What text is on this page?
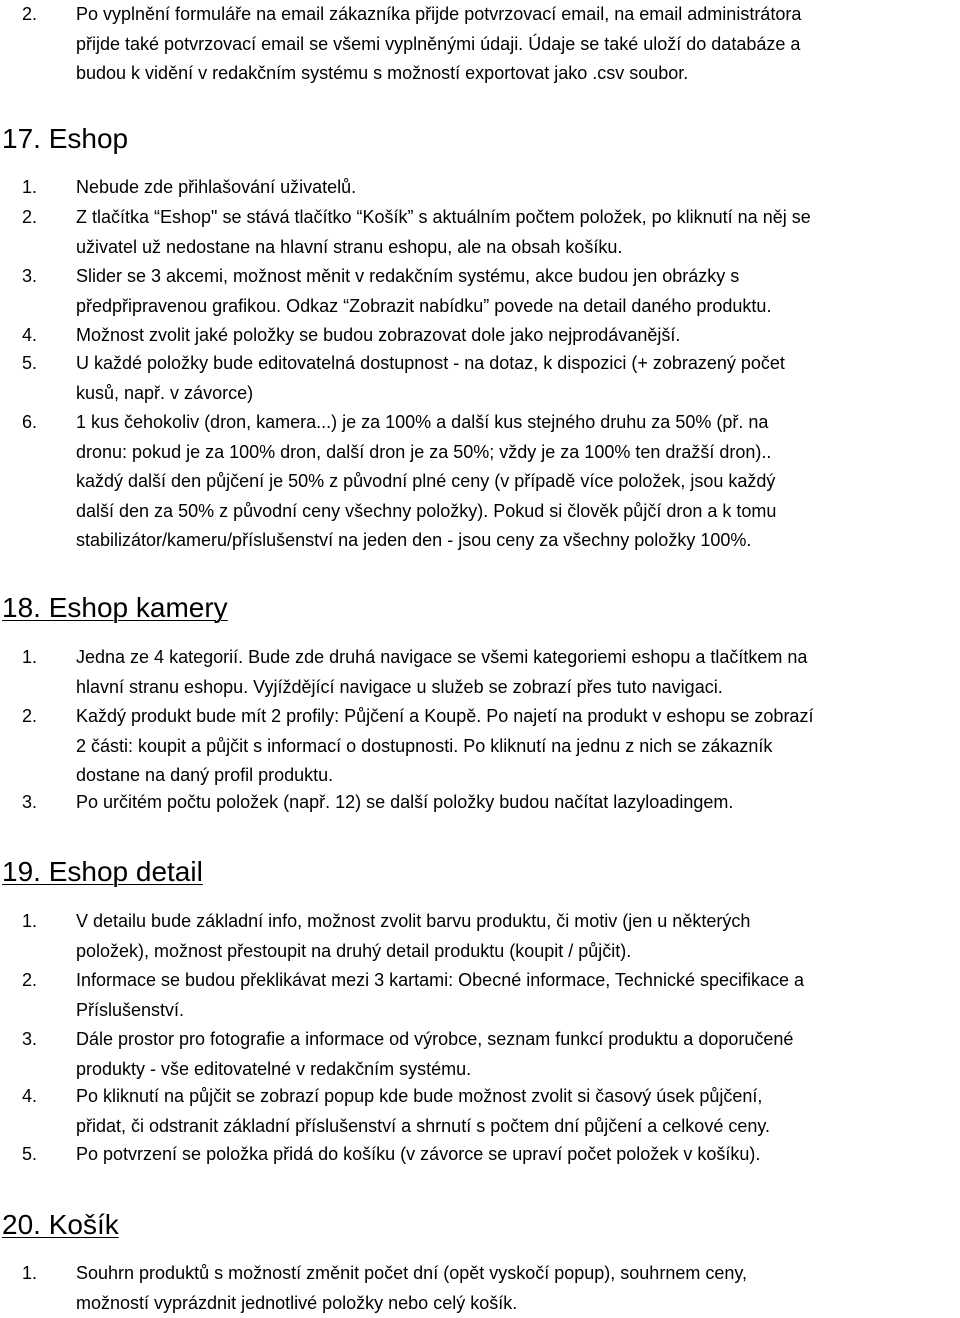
2. Po vyplnění formuláře na email zákazníka přijde potvrzovací email, na email administrátora
přijde také potvrzovací email se všemi vyplněnými údaji. Údaje se také uloží do databáze a
budou k vidění v redakčním systému s možností exportovat jako .csv soubor.
17. Eshop
1. Nebude zde přihlašování uživatelů.
2. Z tlačítka “Eshop" se stává tlačítko “Košík” s aktuálním počtem položek, po kliknutí na něj se
uživatel už nedostane na hlavní stranu eshopu, ale na obsah košíku.
3. Slider se 3 akcemi, možnost měnit v redakčním systému, akce budou jen obrázky s
předpřipravenou grafikou. Odkaz “Zobrazit nabídku” povede na detail daného produktu.
4. Možnost zvolit jaké položky se budou zobrazovat dole jako nejprodávanější.
5. U každé položky bude editovatelná dostupnost - na dotaz, k dispozici (+ zobrazený počet
kusů, např. v závorce)
6. 1 kus čehokoliv (dron, kamera...) je za 100% a další kus stejného druhu za 50% (př. na
dronu: pokud je za 100% dron, další dron je za 50%; vždy je za 100% ten dražší dron)..
každý další den půjčení je 50% z původní plné ceny (v případě více položek, jsou každý
další den za 50% z původní ceny všechny položky). Pokud si člověk půjčí dron a k tomu
stabilizátor/kameru/příslušenství na jeden den - jsou ceny za všechny položky 100%.
18. Eshop kamery
1. Jedna ze 4 kategorií. Bude zde druhá navigace se všemi kategoriemi eshopu a tlačítkem na
hlavní stranu eshopu. Vyjíždějící navigace u služeb se zobrazí přes tuto navigaci.
2. Každý produkt bude mít 2 profily: Půjčení a Koupě. Po najetí na produkt v eshopu se zobrazí
2 části: koupit a půjčit s informací o dostupnosti. Po kliknutí na jednu z nich se zákazník
dostane na daný profil produktu.
3. Po určitém počtu položek (např. 12) se další položky budou načítat lazyloadingem.
19. Eshop detail
1. V detailu bude základní info, možnost zvolit barvu produktu, či motiv (jen u některých
položek), možnost přestoupit na druhý detail produktu (koupit / půjčit).
2. Informace se budou překlikávat mezi 3 kartami: Obecné informace, Technické specifikace a
Příslušenství.
3. Dále prostor pro fotografie a informace od výrobce, seznam funkcí produktu a doporučené
produkty - vše editovatelné v redakčním systému.
4. Po kliknutí na půjčit se zobrazí popup kde bude možnost zvolit si časový úsek půjčení,
přidat, či odstranit základní příslušenství a shrnutí s počtem dní půjčení a celkové ceny.
5. Po potvrzení se položka přidá do košíku (v závorce se upraví počet položek v košíku).
20. Košík
1. Souhrn produktů s možností změnit počet dní (opět vyskočí popup), souhrnem ceny,
možností vyprázdnit jednotlivé položky nebo celý košík.
